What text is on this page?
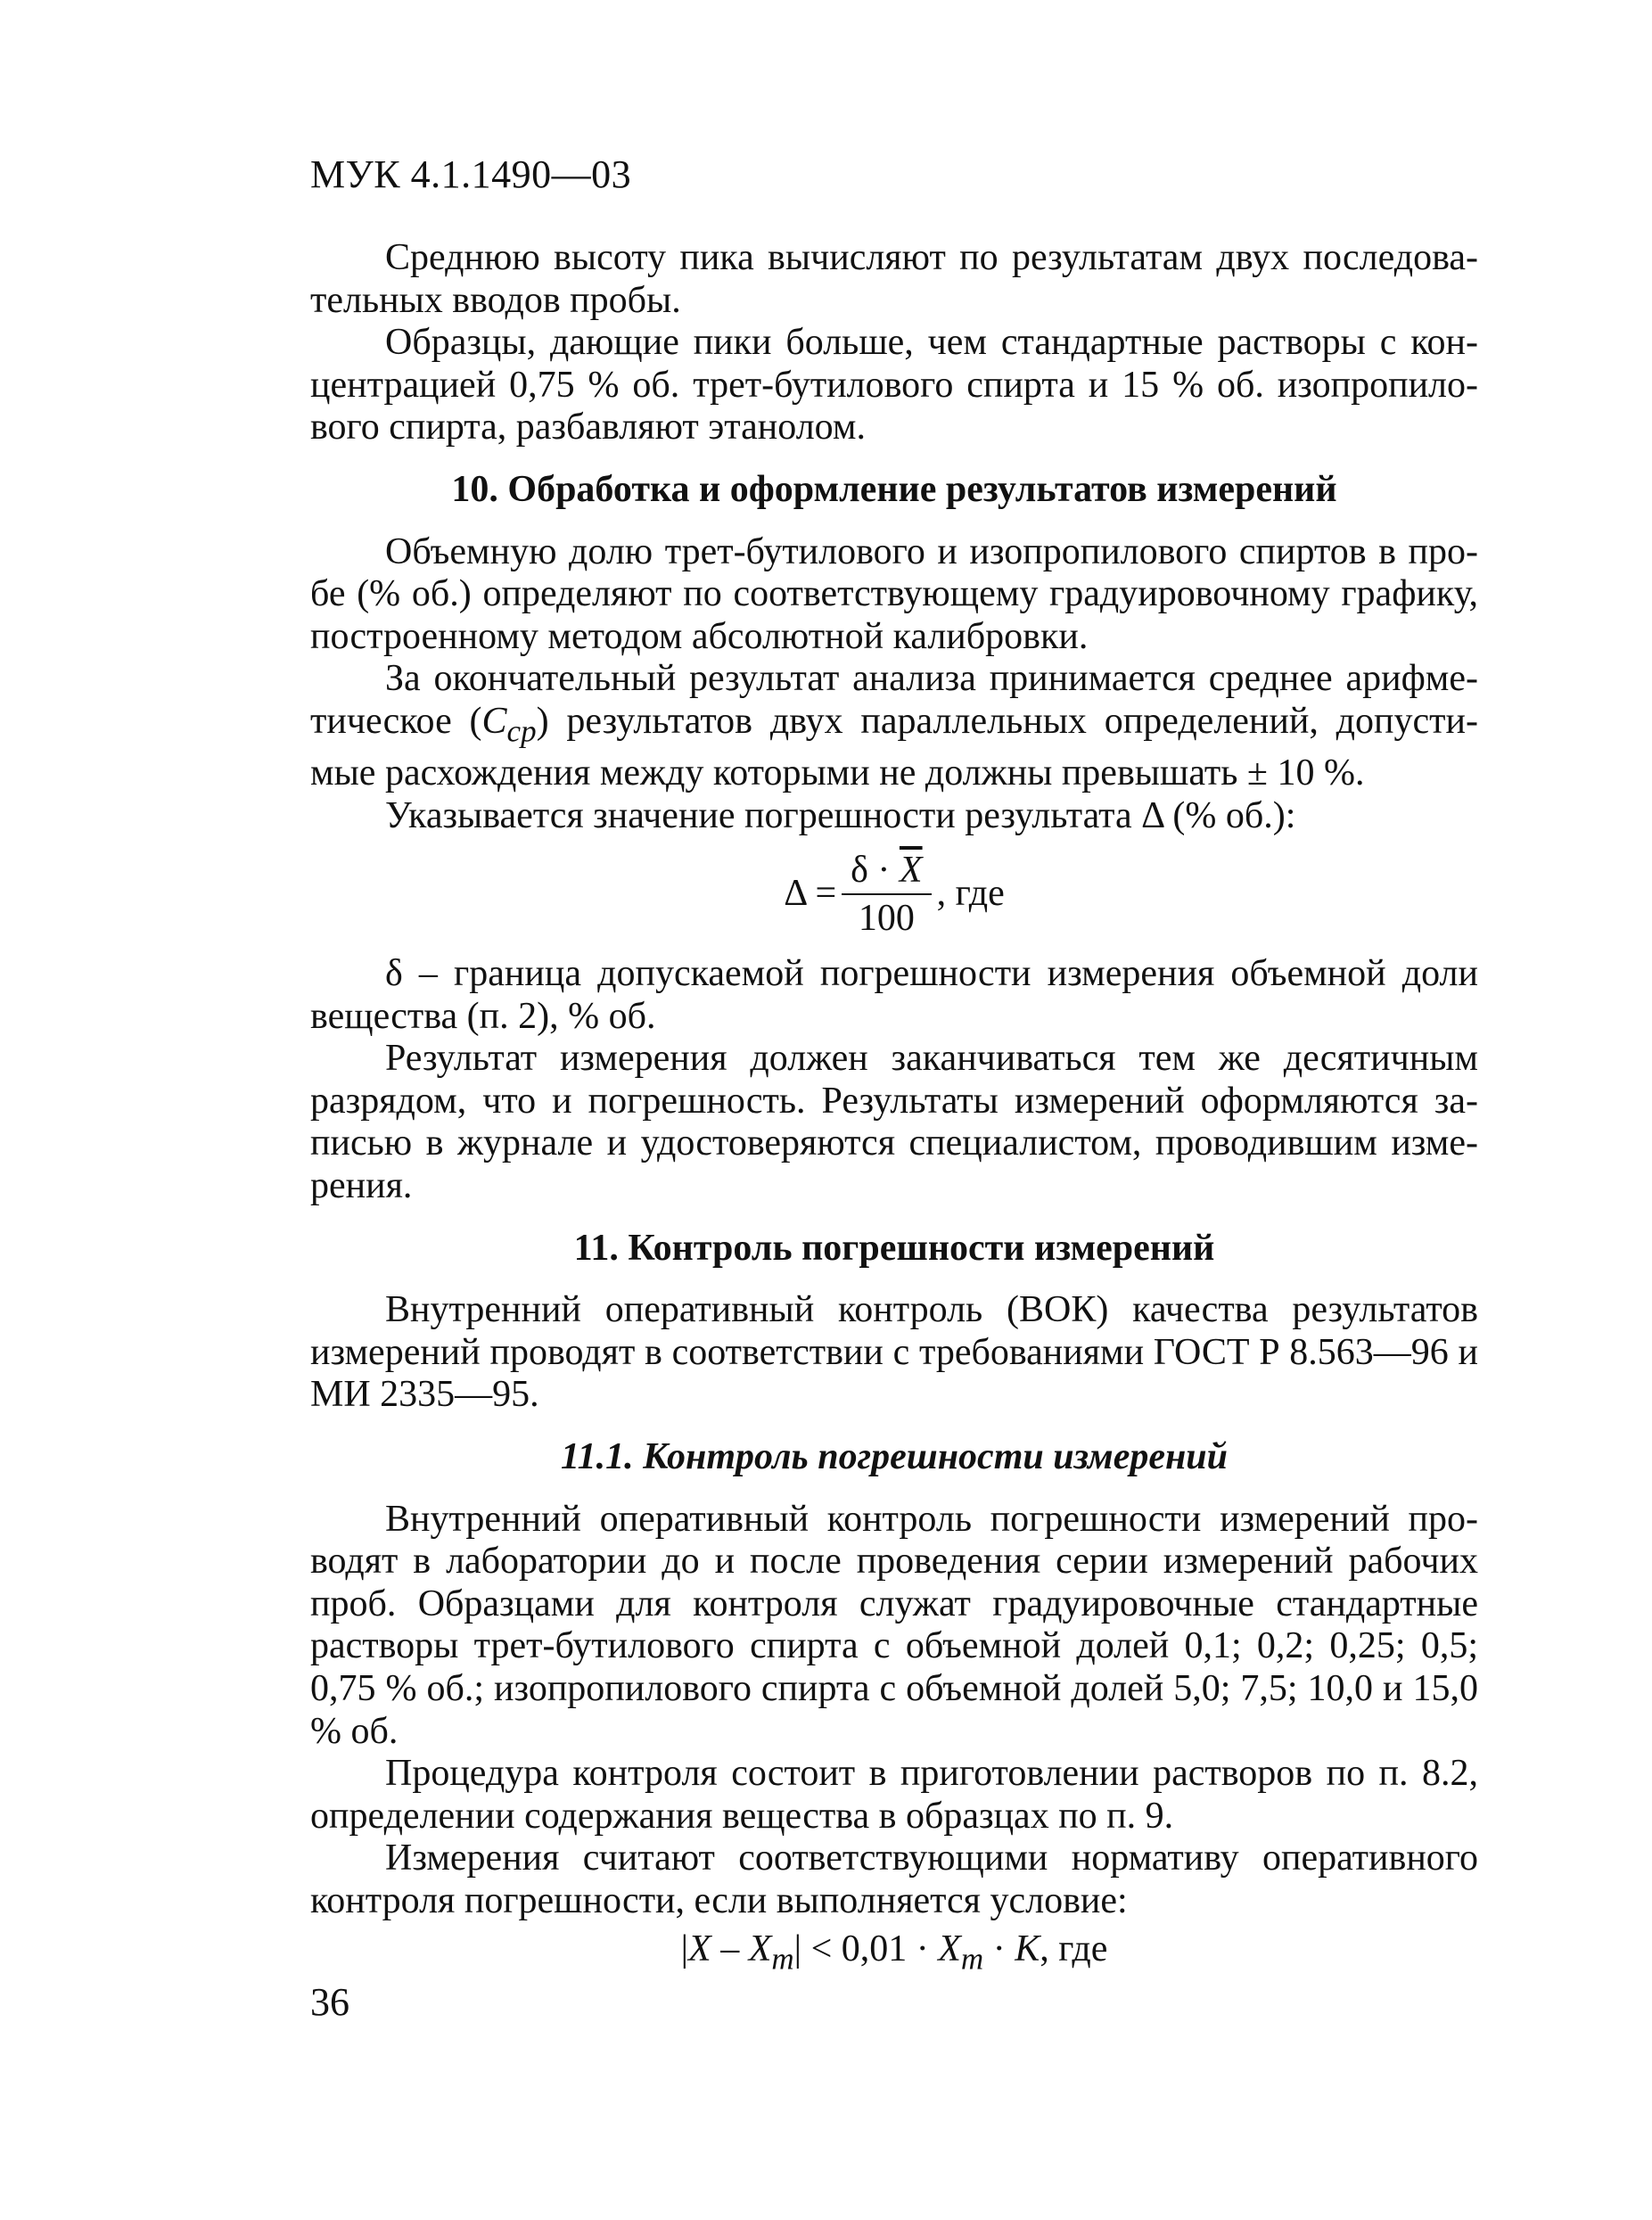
МУК 4.1.1490—03

Среднюю высоту пика вычисляют по результатам двух последова-тельных вводов пробы.

Образцы, дающие пики больше, чем стандартные растворы с кон-центрацией 0,75 % об. трет-бутилового спирта и 15 % об. изопропило-вого спирта, разбавляют этанолом.

10. Обработка и оформление результатов измерений

Объемную долю трет-бутилового и изопропилового спиртов в про-бе (% об.) определяют по соответствующему градуировочному графику, построенному методом абсолютной калибровки.

За окончательный результат анализа принимается среднее арифме-тическое $(C_{ср})$ результатов двух параллельных определений, допусти-мые расхождения между которыми не должны превышать ± 10 %.

Указывается значение погрешности результата Δ (% об.):

$\Delta = \frac{\delta \cdot \overline{X}}{100}$ , где

δ – граница допускаемой погрешности измерения объемной доли вещества (п. 2), % об.

Результат измерения должен заканчиваться тем же десятичным разрядом, что и погрешность. Результаты измерений оформляются за-писью в журнале и удостоверяются специалистом, проводившим изме-рения.

11. Контроль погрешности измерений

Внутренний оперативный контроль (ВОК) качества результатов измерений проводят в соответствии с требованиями ГОСТ Р 8.563—96 и МИ 2335—95.

11.1. Контроль погрешности измерений

Внутренний оперативный контроль погрешности измерений про-водят в лаборатории до и после проведения серии измерений рабочих проб. Образцами для контроля служат градуировочные стандартные растворы трет-бутилового спирта с объемной долей 0,1; 0,2; 0,25; 0,5; 0,75 % об.; изопропилового спирта с объемной долей 5,0; 7,5; 10,0 и 15,0 % об.

Процедура контроля состоит в приготовлении растворов по п. 8.2, определении содержания вещества в образцах по п. 9.

Измерения считают соответствующими нормативу оперативного контроля погрешности, если выполняется условие:

$|X - X_m| < 0,01 \cdot X_m \cdot K$, где
36
